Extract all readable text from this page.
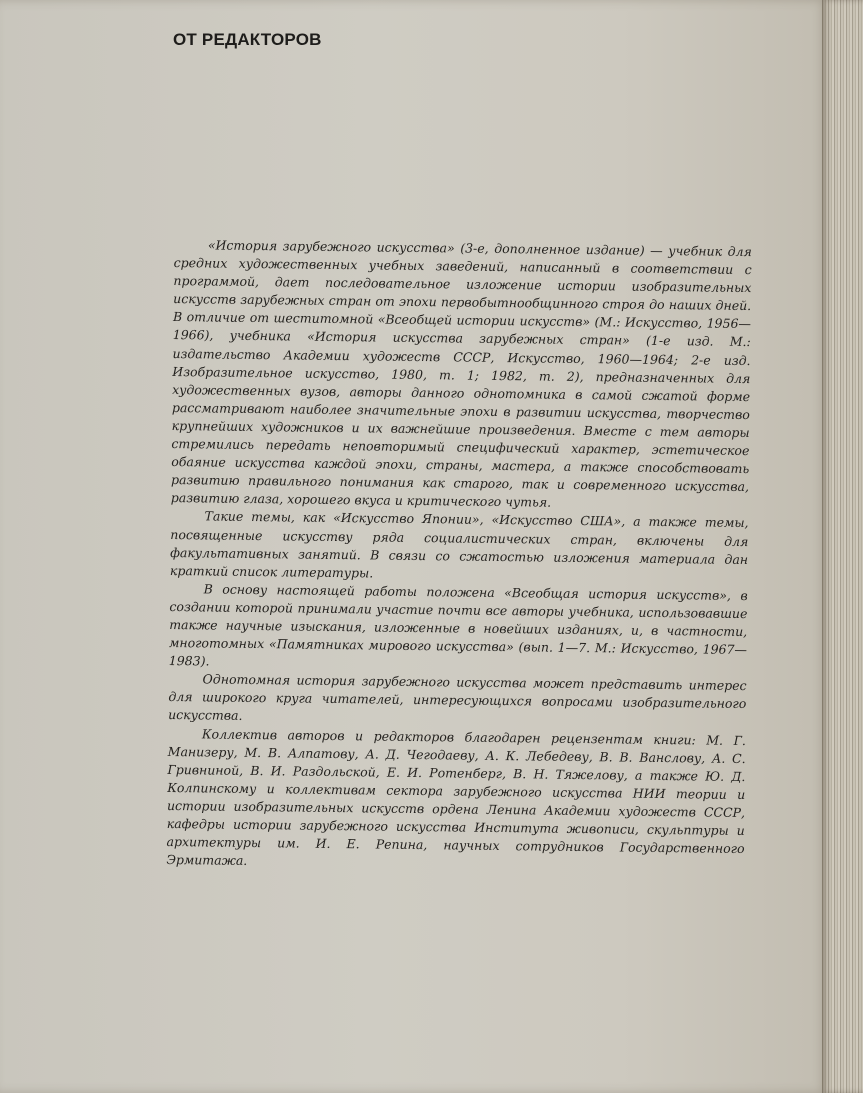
ОТ РЕДАКТОРОВ

«История зарубежного искусства» (3-е, дополненное издание) — учебник для средних художественных учебных заведений, написанный в соответствии с программой, дает последовательное изложение истории изобразительных искусств зарубежных стран от эпохи первобытнообщинного строя до наших дней. В отличие от шеститомной «Всеобщей истории искусств» (М.: Искусство, 1956—1966), учебника «История искусства зарубежных стран» (1-е изд. М.: издательство Академии художеств СССР, Искусство, 1960—1964; 2-е изд. Изобразительное искусство, 1980, т. 1; 1982, т. 2), предназначенных для художественных вузов, авторы данного однотомника в самой сжатой форме рассматривают наиболее значительные эпохи в развитии искусства, творчество крупнейших художников и их важнейшие произведения. Вместе с тем авторы стремились передать неповторимый специфический характер, эстетическое обаяние искусства каждой эпохи, страны, мастера, а также способствовать развитию правильного понимания как старого, так и современного искусства, развитию глаза, хорошего вкуса и критического чутья.

Такие темы, как «Искусство Японии», «Искусство США», а также темы, посвященные искусству ряда социалистических стран, включены для факультативных занятий. В связи со сжатостью изложения материала дан краткий список литературы.

В основу настоящей работы положена «Всеобщая история искусств», в создании которой принимали участие почти все авторы учебника, использовавшие также научные изыскания, изложенные в новейших изданиях, и, в частности, многотомных «Памятниках мирового искусства» (вып. 1—7. М.: Искусство, 1967—1983).

Однотомная история зарубежного искусства может представить интерес для широкого круга читателей, интересующихся вопросами изобразительного искусства.

Коллектив авторов и редакторов благодарен рецензентам книги: М. Г. Манизеру, М. В. Алпатову, А. Д. Чегодаеву, А. К. Лебедеву, В. В. Ванслову, А. С. Гривниной, В. И. Раздольской, Е. И. Ротенберг, В. Н. Тяжелову, а также Ю. Д. Колпинскому и коллективам сектора зарубежного искусства НИИ теории и истории изобразительных искусств ордена Ленина Академии художеств СССР, кафедры истории зарубежного искусства Института живописи, скульптуры и архитектуры им. И. Е. Репина, научных сотрудников Государственного Эрмитажа.
